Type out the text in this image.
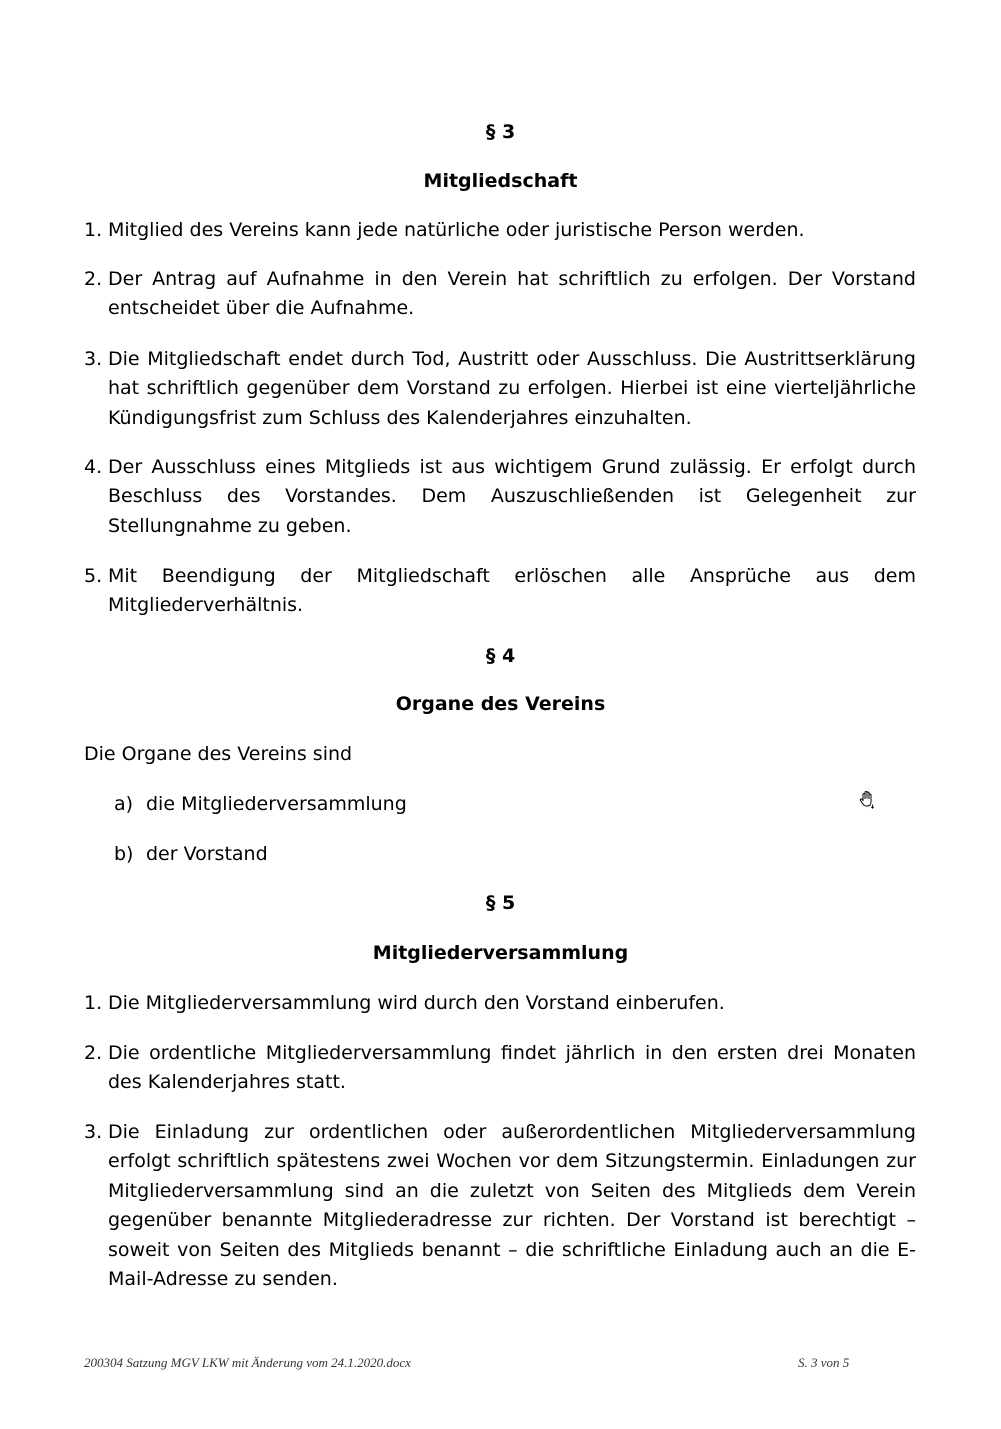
§ 3
Mitgliedschaft
1. Mitglied des Vereins kann jede natürliche oder juristische Person werden.
2. Der Antrag auf Aufnahme in den Verein hat schriftlich zu erfolgen. Der Vorstand entscheidet über die Aufnahme.
3. Die Mitgliedschaft endet durch Tod, Austritt oder Ausschluss. Die Austrittserklärung hat schriftlich gegenüber dem Vorstand zu erfolgen. Hierbei ist eine vierteljährliche Kündigungsfrist zum Schluss des Kalenderjahres einzuhalten.
4. Der Ausschluss eines Mitglieds ist aus wichtigem Grund zulässig. Er erfolgt durch Beschluss des Vorstandes. Dem Auszuschließenden ist Gelegenheit zur Stellungnahme zu geben.
5. Mit Beendigung der Mitgliedschaft erlöschen alle Ansprüche aus dem Mitgliederverhältnis.
§ 4
Organe des Vereins
Die Organe des Vereins sind
a) die Mitgliederversammlung
b) der Vorstand
§ 5
Mitgliederversammlung
1. Die Mitgliederversammlung wird durch den Vorstand einberufen.
2. Die ordentliche Mitgliederversammlung findet jährlich in den ersten drei Monaten des Kalenderjahres statt.
3. Die Einladung zur ordentlichen oder außerordentlichen Mitgliederversammlung erfolgt schriftlich spätestens zwei Wochen vor dem Sitzungstermin. Einladungen zur Mitgliederversammlung sind an die zuletzt von Seiten des Mitglieds dem Verein gegenüber benannte Mitgliederadresse zur richten. Der Vorstand ist berechtigt – soweit von Seiten des Mitglieds benannt – die schriftliche Einladung auch an die E-Mail-Adresse zu senden.
200304 Satzung MGV LKW mit Änderung vom 24.1.2020.docx	S. 3 von 5
